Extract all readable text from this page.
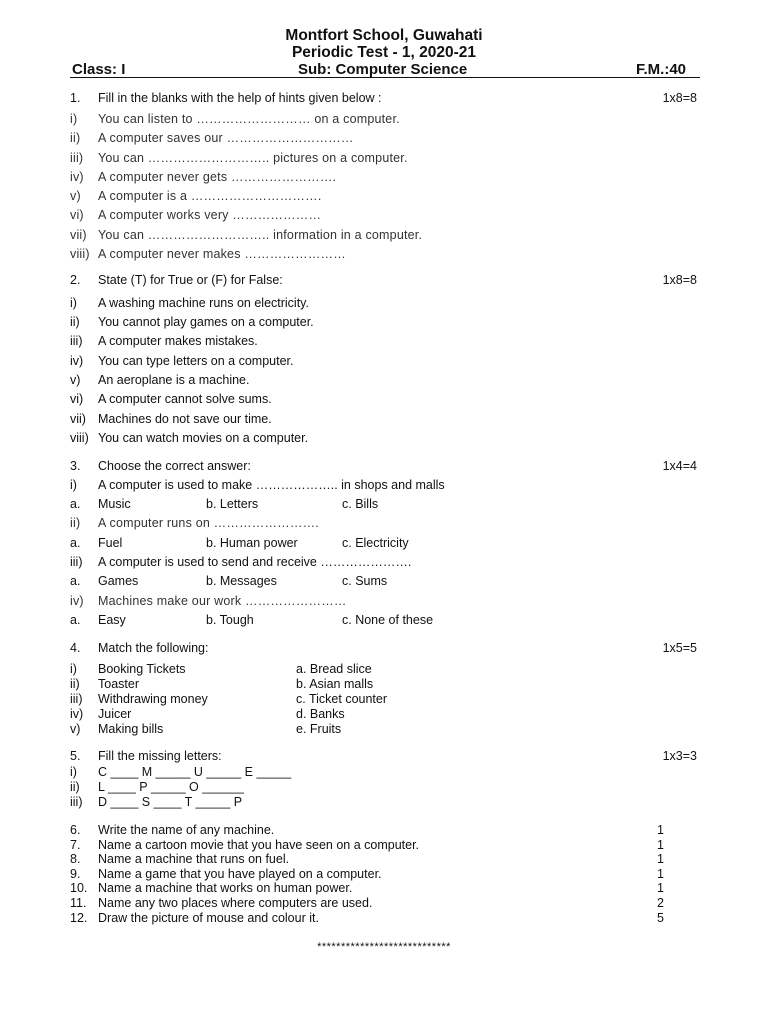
Montfort School, Guwahati
Periodic Test - 1, 2020-21
Class: I	Sub: Computer Science	F.M.:40
1. Fill in the blanks with the help of hints given below :	1x8=8
i) You can listen to ……………………… on a computer.
ii) A computer saves our …………………………
iii) You can ……………………….. pictures on a computer.
iv) A computer never gets …………………….
v) A computer is a ………………………….
vi) A computer works very …………………
vii) You can ……………………….. information in a computer.
viii) A computer never makes ……………………
2. State (T) for True or (F) for False:	1x8=8
i) A washing machine runs on electricity.
ii) You cannot play games on a computer.
iii) A computer makes mistakes.
iv) You can type letters on a computer.
v) An aeroplane is a machine.
vi) A computer cannot solve sums.
vii) Machines do not save our time.
viii) You can watch movies on a computer.
3. Choose the correct answer:	1x4=4
i) A computer is used to make ……………….. in shops and malls
a. Music	b. Letters	c. Bills
ii) A computer runs on …………………….
a. Fuel	b. Human power	c. Electricity
iii) A computer is used to send and receive ………………….
a. Games	b. Messages	c. Sums
iv) Machines make our work ……………………
a. Easy	b. Tough	c. None of these
4. Match the following:	1x5=5
i) Booking Tickets	a. Bread slice
ii) Toaster	b. Asian malls
iii) Withdrawing money	c. Ticket counter
iv) Juicer	d. Banks
v) Making bills	e. Fruits
5. Fill the missing letters:	1x3=3
i) C ____ M _____ U _____ E _____
ii) L ____ P _____ O ______
iii) D ____ S ____ T _____ P
6. Write the name of any machine.	1
7. Name a cartoon movie that you have seen on a computer.	1
8. Name a machine that runs on fuel.	1
9. Name a game that you have played on a computer.	1
10. Name a machine that works on human power.	1
11. Name any two places where computers are used.	2
12. Draw the picture of mouse and colour it.	5
****************************
